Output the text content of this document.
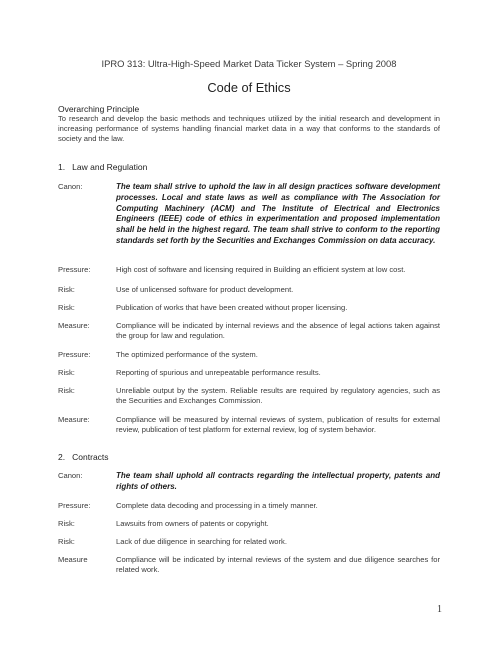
IPRO 313: Ultra-High-Speed Market Data Ticker System – Spring 2008
Code of Ethics
Overarching Principle
To research and develop the basic methods and techniques utilized by the initial research and development in increasing performance of systems handling financial market data in a way that conforms to the standards of society and the law.
1.   Law and Regulation
Canon:	The team shall strive to uphold the law in all design practices software development processes. Local and state laws as well as compliance with The Association for Computing Machinery (ACM) and The Institute of Electrical and Electronics Engineers (IEEE) code of ethics in experimentation and proposed implementation shall be held in the highest regard. The team shall strive to conform to the reporting standards set forth by the Securities and Exchanges Commission on data accuracy.
Pressure:	High cost of software and licensing required in Building an efficient system at low cost.
Risk:	Use of unlicensed software for product development.
Risk:	Publication of works that have been created without proper licensing.
Measure:	Compliance will be indicated by internal reviews and the absence of legal actions taken against the group for law and regulation.
Pressure:	The optimized performance of the system.
Risk:	Reporting of spurious and unrepeatable performance results.
Risk:	Unreliable output by the system. Reliable results are required by regulatory agencies, such as the Securities and Exchanges Commission.
Measure:	Compliance will be measured by internal reviews of system, publication of results for external review, publication of test platform for external review, log of system behavior.
2.   Contracts
Canon:	The team shall uphold all contracts regarding the intellectual property, patents and rights of others.
Pressure:	Complete data decoding and processing in a timely manner.
Risk:	Lawsuits from owners of patents or copyright.
Risk:	Lack of due diligence in searching for related work.
Measure	Compliance will be indicated by internal reviews of the system and due diligence searches for related work.
1
